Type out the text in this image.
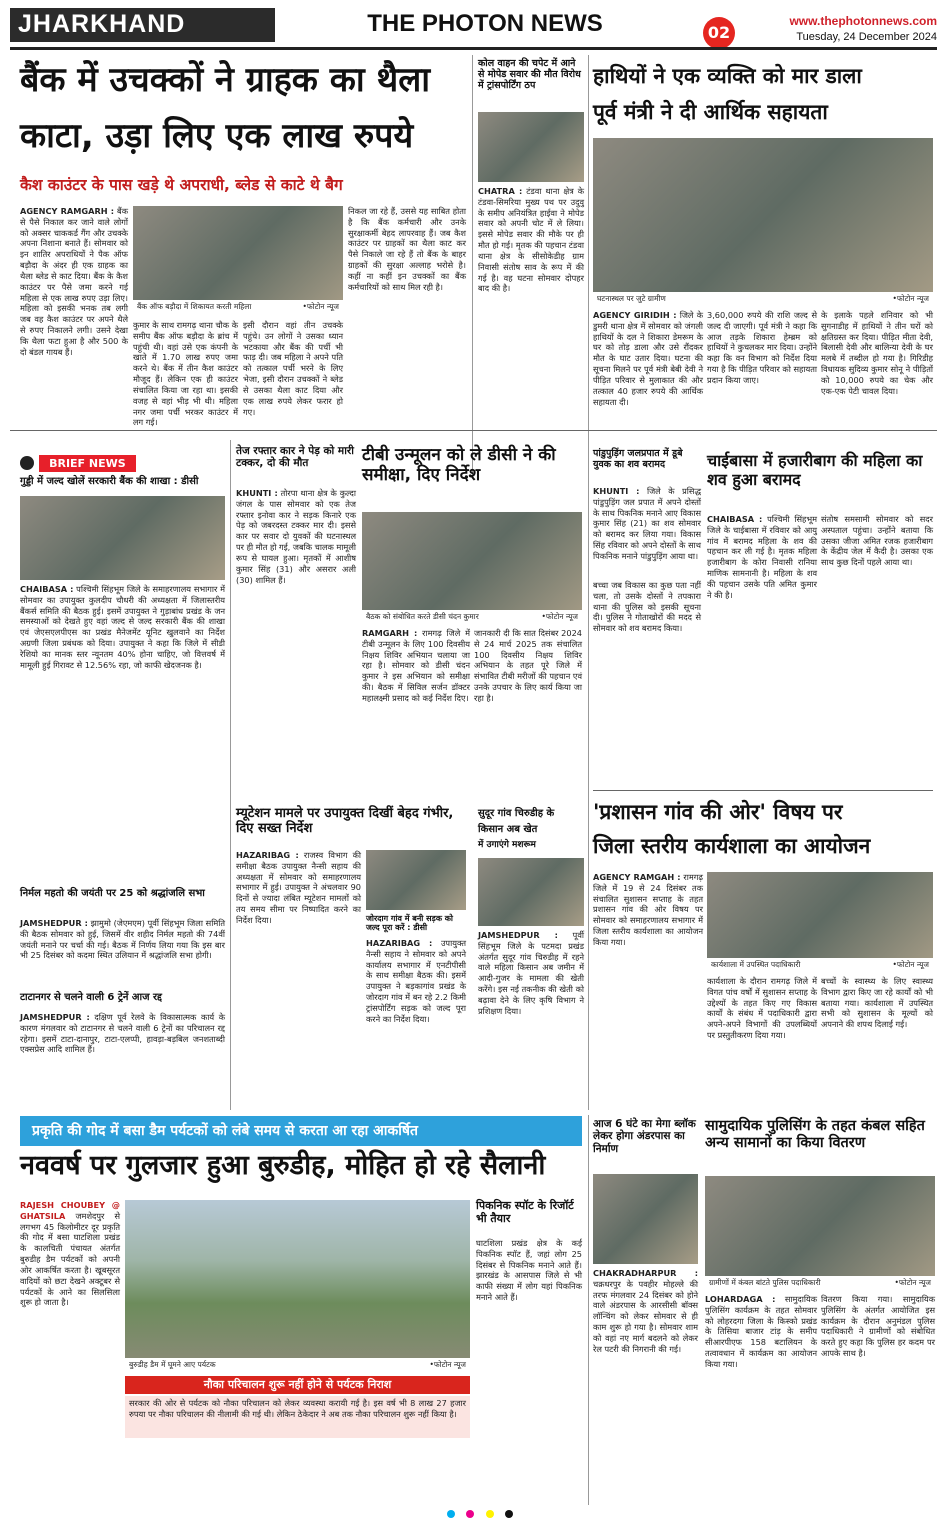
JHARKHAND	THE PHOTON NEWS	02
www.thephotonnews.com
Tuesday, 24 December 2024
बैंक में उचक्कों ने ग्राहक का थैला
काटा, उड़ा लिए एक लाख रुपये
कैश काउंटर के पास खड़े थे अपराधी, ब्लेड से काटे थे बैग
AGENCY RAMGARH : बैंक से पैसे निकाल कर जाने वाले लोगों को अक्सर चाककर्ड गैंग और उचक्के अपना निशाना बनाते हैं। सोमवार को इन शातिर अपराधियों ने पैक ऑफ बड़ौदा के अंदर ही एक ग्राहक का थैला ब्लेड से काट दिया। बैंक के कैश काउंटर पर पैसे जमा करने गई महिला से एक लाख रुपए उड़ा लिए। महिला को इसकी भनक तब लगी जब वह कैश काउंटर पर अपने थैले से रुपए निकालने लगी। उसने देखा कि थैला फटा हुआ है और 500 के दो बंडल गायब हैं।
बैंक ऑफ बड़ौदा में शिकायत करती महिला	•फोटोन न्यूज
कुमार के साथ रामगढ़ थाना चौक के समीप बैंक ऑफ बड़ौदा के ब्रांच में पहुंची थी। वहां उसे एक कंपनी के खाते में 1.70 लाख रुपए जमा करने थे। बैंक में तीन कैश काउंटर मौजूद हैं। लेकिन एक ही काउंटर संचालित किया जा रहा था। इसकी वजह से वहां भीड़ भी थी। महिला नगर जमा पर्ची भरकर काउंटर में लग गई।
इसी दौरान वहां तीन उचक्के पहुंचे। उन लोगों ने उसका ध्यान भटकाया और बैंक की पर्ची भी फाड़ दी। जब महिला ने अपने पति को तत्काल पर्ची भरने के लिए भेजा, इसी दौरान उचक्कों ने ब्लेड से उसका थैला काट दिया और एक लाख रुपये लेकर फरार हो गए।
निकल जा रहे हैं, उससे यह साबित होता है कि बैंक कर्मचारी और उनके सुरक्षाकर्मी बेहद लापरवाह हैं। जब कैश काउंटर पर ग्राहकों का थैला काट कर पैसे निकाले जा रहे हैं तो बैंक के बाहर ग्राहकों की सुरक्षा अल्लाह भरोसे है। कहीं ना कहीं इन उचक्कों का बैंक कर्मचारियों को साथ मिल रही है।
कोल वाहन की चपेट में आने से मोपेड सवार की मौत विरोध में ट्रांसपोर्टिंग ठप
CHATRA : टंडवा थाना क्षेत्र के टंडवा-सिमरिया मुख्य पथ पर उदुवु के समीप अनियंत्रित हाईवा ने मोपेड सवार को अपनी चोट में ले लिया। इससे मोपेड सवार की मौके पर ही मौत हो गई। मृतक की पहचान टंडवा थाना क्षेत्र के सीसोकेडीह ग्राम निवासी संतोष साव के रूप में की गई है। वह घटना सोमवार दोपहर बाद की है।
हाथियों ने एक व्यक्ति को मार डाला
पूर्व मंत्री ने दी आर्थिक सहायता
घटनास्थल पर जुटे ग्रामीण	•फोटोन न्यूज
AGENCY GIRIDIH : जिले के डुमरी थाना क्षेत्र में सोमवार को जंगली हाथियों के दल ने शिकारा डेमरूम के घर को तोड़ डाला और उसे रौंदकर मौत के घाट उतार दिया। घटना की सूचना मिलने पर पूर्व मंत्री बेबी देवी ने पीड़ित परिवार से मुलाकात की और तत्काल 40 हजार रुपये की आर्थिक सहायता दी।
3,60,000 रुपये की राशि जल्द से जल्द दी जाएगी। पूर्व मंत्री ने कहा कि आज तड़के शिकारा हेम्ब्रम को हाथियों ने कुचलकर मार दिया। उन्होंने कहा कि वन विभाग को निर्देश दिया गया है कि पीड़ित परिवार को सहायता प्रदान किया जाए।
के इलाके पहले शनिवार को भी सुगनाडीह में हाथियों ने तीन घरों को क्षतिग्रस्त कर दिया। पीड़ित मीता देवी, बिलासी देवी और बालिन्या देवी के घर मलबे में तब्दील हो गया है। गिरिडीह विधायक सुदिव्य कुमार सोनू ने पीड़ितों को 10,000 रुपये का चेक और एक-एक पेटी चावल दिया।
BRIEF NEWS
गुड्डी में जल्द खोलें सरकारी बैंक की शाखा : डीसी
CHAIBASA : पश्चिमी सिंहभूम जिले के समाहरणालय सभागार में सोमवार का उपायुक्त कुलदीप चौधरी की अध्यक्षता में जिलास्तरीय बैंकर्स समिति की बैठक हुई। इसमें उपायुक्त ने गुड़ाबांध प्रखंड के जन समस्याओं को देखते हुए वहां जल्द से जल्द सरकारी बैंक की शाखा एवं जेएसएलपीएस का प्रखंड मैनेजमेंट यूनिट खुलवाने का निर्देश अग्रणी जिला प्रबंधक को दिया। उपायुक्त ने कहा कि जिले में सीडी रेशियो का मानक स्तर न्यूनतम 40% होना चाहिए, जो वित्तवर्ष में मामूली हुई गिरावट से 12.56% रहा, जो काफी खेदजनक है।
निर्मल महतो की जयंती पर 25 को श्रद्धांजलि सभा
JAMSHEDPUR : झामुमो (जेएमएम) पूर्वी सिंहभूम जिला समिति की बैठक सोमवार को हुई, जिसमें वीर शहीद निर्मल महतो की 74वीं जयंती मनाने पर चर्चा की गई। बैठक में निर्णय लिया गया कि इस बार भी 25 दिसंबर को कदमा स्थित उलियान में श्रद्धांजलि सभा होगी।
टाटानगर से चलने वाली 6 ट्रेनें आज रद्द
JAMSHEDPUR : दक्षिण पूर्व रेलवे के विकासात्मक कार्य के कारण मंगलवार को टाटानगर से चलने वाली 6 ट्रेनों का परिचालन रद्द रहेगा। इसमें टाटा-दानापुर, टाटा-एलप्पी, हावड़ा-बड़बिल जनशताब्दी एक्सप्रेस आदि शामिल हैं।
तेज रफ्तार कार ने पेड़ को मारी टक्कर, दो की मौत
KHUNTI : तोरपा थाना क्षेत्र के कुल्दा जंगल के पास सोमवार को एक तेज रफ्तार इनोवा कार ने सड़क किनारे एक पेड़ को जबरदस्त टक्कर मार दी। इससे कार पर सवार दो युवकों की घटनास्थल पर ही मौत हो गई, जबकि चालक मामूली रूप से घायल हुआ। मृतकों में आशीष कुमार सिंह (31) और असरार अली (30) शामिल हैं।
टीबी उन्मूलन को ले डीसी ने की समीक्षा, दिए निर्देश
बैठक को संबोधित करते डीसी चंदन कुमार	•फोटोन न्यूज
RAMGARH : रामगढ़ जिले में टीबी उन्मूलन के लिए 100 दिवसीय निक्षय शिविर अभियान चलाया जा रहा है। सोमवार को डीसी चंदन कुमार ने इस अभियान को समीक्षा की। बैठक में सिविल सर्जन डॉक्टर महालक्ष्मी प्रसाद को कई निर्देश दिए।
जानकारी दी कि सात दिसंबर 2024 से 24 मार्च 2025 तक संचालित 100 दिवसीय निक्षय शिविर अभियान के तहत पूरे जिले में संभावित टीबी मरीजों की पहचान एवं उनके उपचार के लिए कार्य किया जा रहा है।
म्यूटेशन मामले पर उपायुक्त दिखीं बेहद गंभीर, दिए सख्त निर्देश
HAZARIBAG : राजस्व विभाग की समीक्षा बैठक उपायुक्त नैन्सी सहाय की अध्यक्षता में सोमवार को समाहरणालय सभागार में हुई। उपायुक्त ने अंचलवार 90 दिनों से ज्यादा लंबित म्यूटेशन मामलों को तय समय सीमा पर निष्पादित करने का निर्देश दिया।	जोरदाग गांव में बनी सड़क को जल्द पूरा करें : डीसी
HAZARIBAG : उपायुक्त नैन्सी सहाय ने सोमवार को अपने कार्यालय सभागार में एनटीपीसी के साथ समीक्षा बैठक की। इसमें उपायुक्त ने बड़कागांव प्रखंड के जोरदाग गांव में बन रहे 2.2 किमी ट्रांसपोर्टिंग सड़क को जल्द पूरा करने का निर्देश दिया।
सुदूर गांव चिरुडीह के
किसान अब खेत
में उगाएंगे मशरूम
JAMSHEDPUR : पूर्वी सिंहभूम जिले के पटमदा प्रखंड अंतर्गत सुदूर गांव चिरुडीह में रहने वाले महिला किसान अब जमीन में आदी-गुजर के मामला की खेती करेंगे। इस नई तकनीक की खेती को बढ़ावा देने के लिए कृषि विभाग ने प्रशिक्षण दिया।
पांडुपुड़िंग जलप्रपात में डूबे युवक का शव बरामद
KHUNTI : जिले के प्रसिद्ध पांडुपुड़िंग जल प्रपात में अपने दोस्तों के साथ पिकनिक मनाने आए विकास कुमार सिंह (21) का शव सोमवार को बरामद कर लिया गया। विकास सिंह रविवार को अपने दोस्तों के साथ पिकनिक मनाने पांडुपुड़िंग आया था।
बच्चा जब विकास का कुछ पता नहीं चला, तो उसके दोस्तों ने तपकारा थाना की पुलिस को इसकी सूचना दी। पुलिस ने गोताखोरों की मदद से सोमवार को शव बरामद किया।
चाईबासा में हजारीबाग की महिला का शव हुआ बरामद
CHAIBASA : पश्चिमी सिंहभूम जिले के चाईबासा में रविवार को आयु गांव में बरामद महिला के शव की पहचान कर ली गई है। मृतक महिला हजारीबाग के कोरा निवासी रानिया माणिक सामनानी है। महिला के शव की पहचान उसके पति अमित कुमार ने की है।
संतोष समसामी सोमवार को सदर अस्पताल पहुंचा। उन्होंने बताया कि उसका जीजा अमित रजक हजारीबाग के केंद्रीय जेल में कैदी है। उसका एक साथ कुछ दिनों पहले आया था।
'प्रशासन गांव की ओर' विषय पर
जिला स्तरीय कार्यशाला का आयोजन
AGENCY RAMGAH : रामगढ़ जिले में 19 से 24 दिसंबर तक संचालित सुशासन सप्ताह के तहत प्रशासन गांव की ओर विषय पर सोमवार को समाहरणालय सभागार में जिला स्तरीय कार्यशाला का आयोजन किया गया।
कार्यशाला में उपस्थित पदाधिकारी	•फोटोन न्यूज
कार्यशाला के दौरान रामगढ़ जिले में विगत पांच वर्षों में सुशासन सप्ताह के उद्देश्यों के तहत किए गए विकास कार्यों के संबंध में पदाधिकारी द्वारा अपने-अपने विभागों की उपलब्धियों पर प्रस्तुतीकरण दिया गया।
बच्चों के स्वास्थ्य के लिए स्वास्थ्य विभाग द्वारा किए जा रहे कार्यों को भी बताया गया। कार्यशाला में उपस्थित सभी को सुशासन के मूल्यों को अपनाने की शपथ दिलाई गई।
प्रकृति की गोद में बसा डैम पर्यटकों को लंबे समय से करता आ रहा आकर्षित
नववर्ष पर गुलजार हुआ बुरुडीह, मोहित हो रहे सैलानी
RAJESH CHOUBEY @ GHATSILA जमशेदपुर से लगभग 45 किलोमीटर दूर प्रकृति की गोद में बसा घाटशिला प्रखंड के कालचिती पंचायत अंतर्गत बुरुडीह डैम पर्यटकों को अपनी ओर आकर्षित करता है। खूबसूरत वादियों को छटा देखने अक्टूबर से पर्यटकों के आने का सिलसिला शुरू हो जाता है।
बुरुडीह डैम में घूमने आए पर्यटक	•फोटोन न्यूज
नौका परिचालन शुरू नहीं होने से पर्यटक निराश
सरकार की ओर से पर्यटक को नौका परिचालन को लेकर व्यवस्था करायी गई है। इस वर्ष भी 8 लाख 27 हजार रुपया पर नौका परिचालन की नीलामी की गई थी। लेकिन ठेकेदार ने अब तक नौका परिचालन शुरू नहीं किया है।
पिकनिक स्पॉट के रिजॉर्ट भी तैयार
घाटशिला प्रखंड क्षेत्र के कई पिकनिक स्पॉट हैं, जहां लोग 25 दिसंबर से पिकनिक मनाने आते हैं। झारखंड के आसपास जिले से भी काफी संख्या में लोग यहां पिकनिक मनाने आते हैं।
आज 6 घंटे का मेगा ब्लॉक लेकर होगा अंडरपास का निर्माण
CHAKRADHARPUR : चक्रधरपुर के पवहीर मोहल्ले की तरफ मंगलवार 24 दिसंबर को होने वाले अंडरपास के आरसीसी बॉक्स लॉन्चिंग को लेकर सोमवार से ही काम शुरू हो गया है। सोमवार शाम को वहां नए मार्ग बदलने को लेकर रेल पटरी की निगरानी की गई।
सामुदायिक पुलिसिंग के तहत कंबल सहित अन्य सामानों का किया वितरण
ग्रामीणों में कंबल बांटते पुलिस पदाधिकारी	•फोटोन न्यूज
LOHARDAGA : सामुदायिक पुलिसिंग कार्यक्रम के तहत सोमवार को लोहरदगा जिला के किस्को प्रखंड के तिसिया बाजार टांड़ के समीप सीआरपीएफ 158 बटालियन के तत्वावधान में कार्यक्रम का आयोजन किया गया।
वितरण किया गया। सामुदायिक पुलिसिंग के अंतर्गत आयोजित इस कार्यक्रम के दौरान अनुमंडल पुलिस पदाधिकारी ने ग्रामीणों को संबोधित करते हुए कहा कि पुलिस हर कदम पर आपके साथ है।
